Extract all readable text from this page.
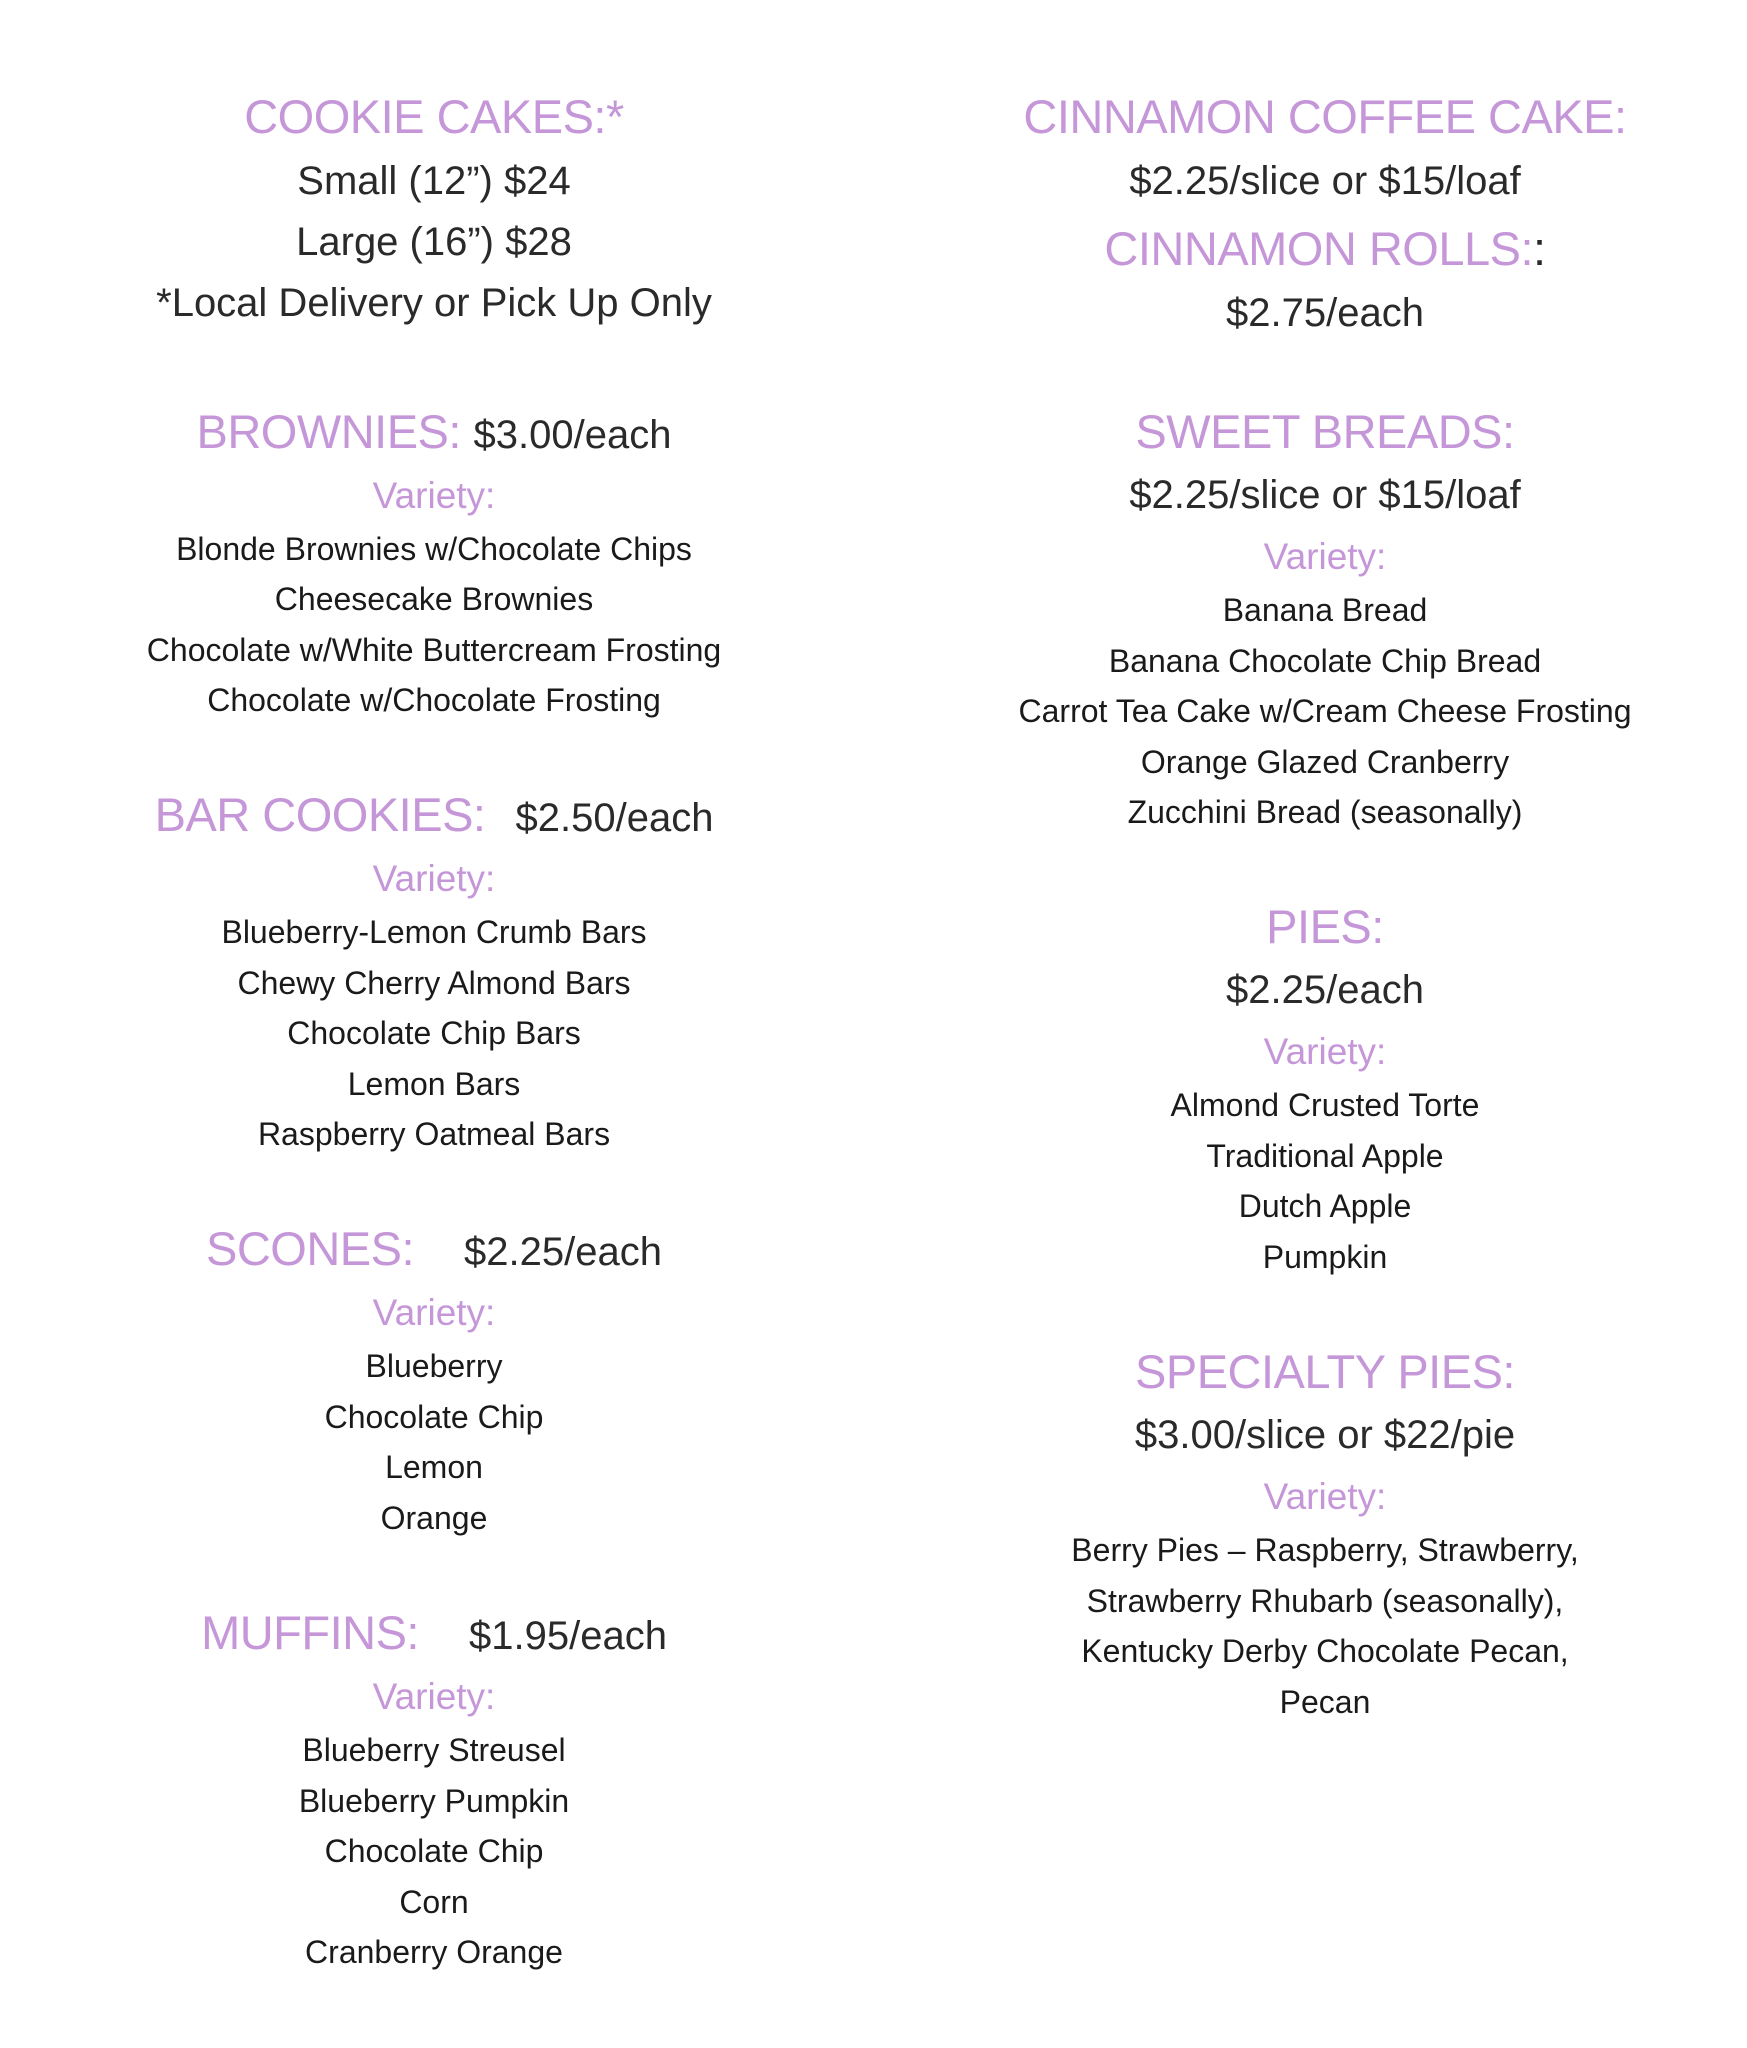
COOKIE CAKES:*
Small (12”) $24
Large (16”) $28
*Local Delivery or Pick Up Only
BROWNIES: $3.00/each
Variety:
Blonde Brownies w/Chocolate Chips
Cheesecake Brownies
Chocolate w/White Buttercream Frosting
Chocolate w/Chocolate Frosting
BAR COOKIES: $2.50/each
Variety:
Blueberry-Lemon Crumb Bars
Chewy Cherry Almond Bars
Chocolate Chip Bars
Lemon Bars
Raspberry Oatmeal Bars
SCONES: $2.25/each
Variety:
Blueberry
Chocolate Chip
Lemon
Orange
MUFFINS: $1.95/each
Variety:
Blueberry Streusel
Blueberry Pumpkin
Chocolate Chip
Corn
Cranberry Orange
CINNAMON COFFEE CAKE:
$2.25/slice or $15/loaf
CINNAMON ROLLS::
$2.75/each
SWEET BREADS:
$2.25/slice or $15/loaf
Variety:
Banana Bread
Banana Chocolate Chip Bread
Carrot Tea Cake w/Cream Cheese Frosting
Orange Glazed Cranberry
Zucchini Bread (seasonally)
PIES:
$2.25/each
Variety:
Almond Crusted Torte
Traditional Apple
Dutch Apple
Pumpkin
SPECIALTY PIES:
$3.00/slice or $22/pie
Variety:
Berry Pies – Raspberry, Strawberry,
Strawberry Rhubarb (seasonally),
Kentucky Derby Chocolate Pecan,
Pecan
